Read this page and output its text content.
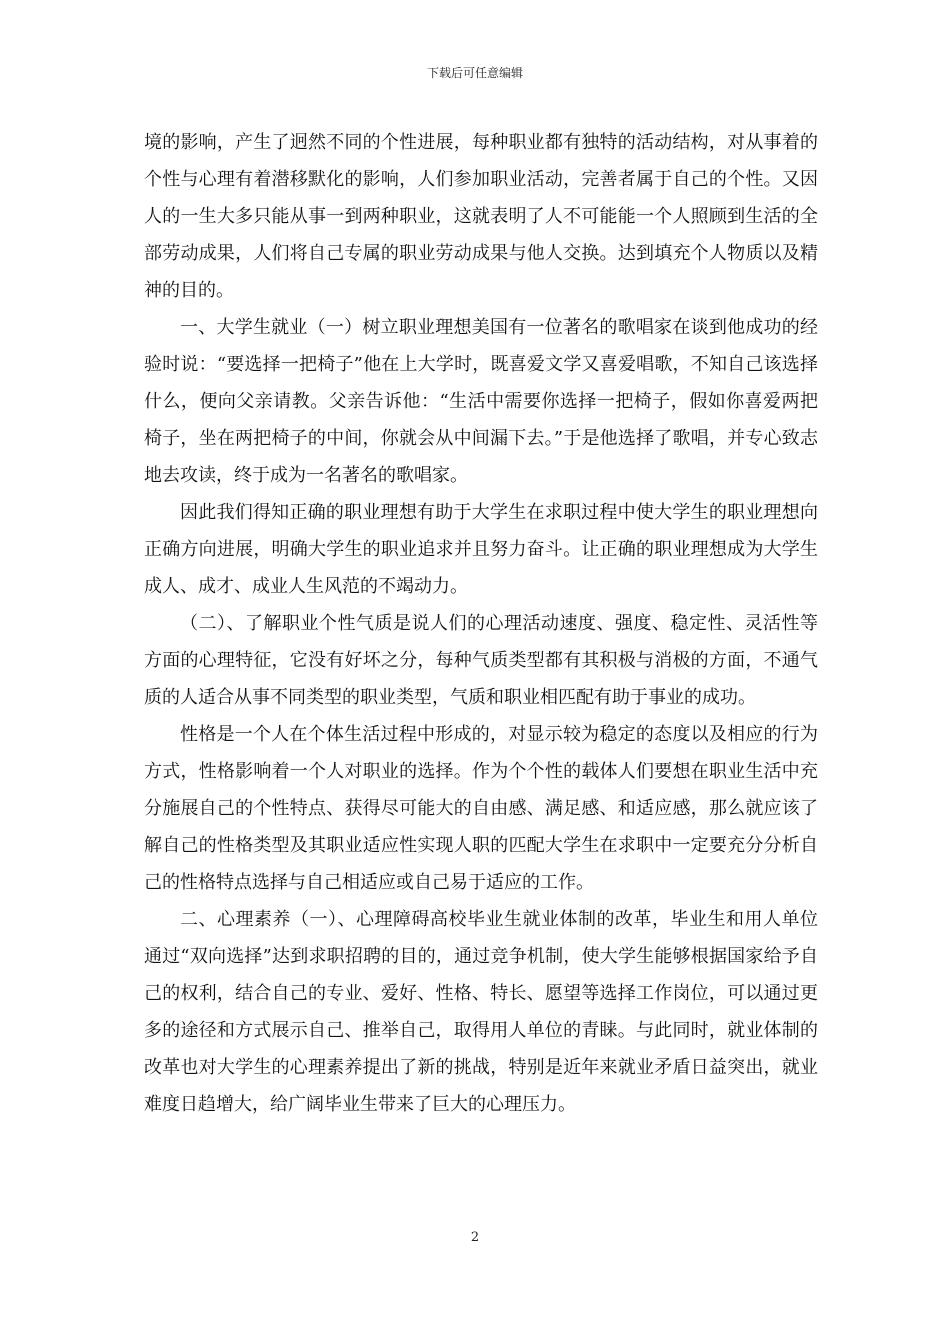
下载后可任意编辑

境的影响，产生了迥然不同的个性进展，每种职业都有独特的活动结构，对从事着的个性与心理有着潜移默化的影响，人们参加职业活动，完善者属于自己的个性。又因人的一生大多只能从事一到两种职业，这就表明了人不可能能一个人照顾到生活的全部劳动成果，人们将自己专属的职业劳动成果与他人交换。达到填充个人物质以及精神的目的。

一、大学生就业（一）树立职业理想美国有一位著名的歌唱家在谈到他成功的经验时说：“要选择一把椅子”他在上大学时，既喜爱文学又喜爱唱歌，不知自己该选择什么，便向父亲请教。父亲告诉他：“生活中需要你选择一把椅子，假如你喜爱两把椅子，坐在两把椅子的中间，你就会从中间漏下去。”于是他选择了歌唱，并专心致志地去攻读，终于成为一名著名的歌唱家。

因此我们得知正确的职业理想有助于大学生在求职过程中使大学生的职业理想向正确方向进展，明确大学生的职业追求并且努力奋斗。让正确的职业理想成为大学生成人、成才、成业人生风范的不竭动力。

（二）、了解职业个性气质是说人们的心理活动速度、强度、稳定性、灵活性等方面的心理特征，它没有好坏之分，每种气质类型都有其积极与消极的方面，不通气质的人适合从事不同类型的职业类型，气质和职业相匹配有助于事业的成功。

性格是一个人在个体生活过程中形成的，对显示较为稳定的态度以及相应的行为方式，性格影响着一个人对职业的选择。作为个个性的载体人们要想在职业生活中充分施展自己的个性特点、获得尽可能大的自由感、满足感、和适应感，那么就应该了解自己的性格类型及其职业适应性实现人职的匹配大学生在求职中一定要充分分析自己的性格特点选择与自己相适应或自己易于适应的工作。

二、心理素养（一）、心理障碍高校毕业生就业体制的改革，毕业生和用人单位通过“双向选择”达到求职招聘的目的，通过竞争机制，使大学生能够根据国家给予自己的权利，结合自己的专业、爱好、性格、特长、愿望等选择工作岗位，可以通过更多的途径和方式展示自己、推举自己，取得用人单位的青睐。与此同时，就业体制的改革也对大学生的心理素养提出了新的挑战，特别是近年来就业矛盾日益突出，就业难度日趋增大，给广阔毕业生带来了巨大的心理压力。

2
